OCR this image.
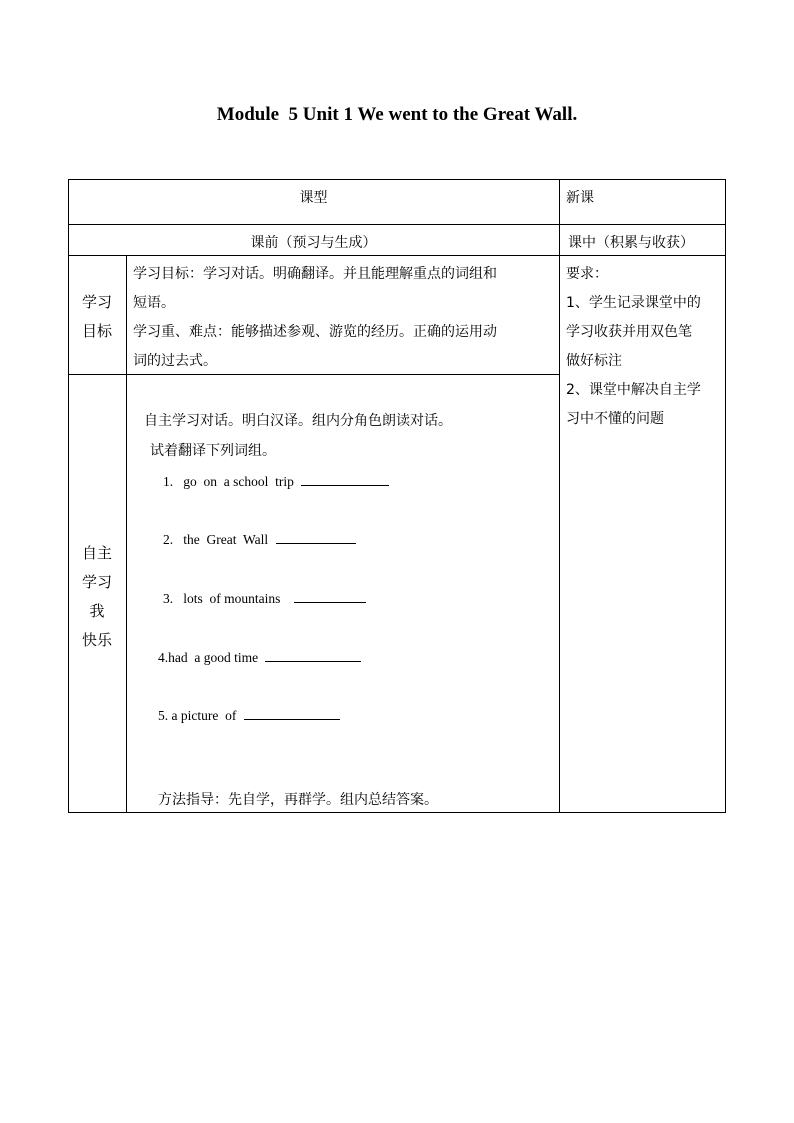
Module  5 Unit 1 We went to the Great Wall.
课型	新课
课前（预习与生成）	课中（积累与收获）
学习
目标
学习目标：学习对话。明确翻译。并且能理解重点的词组和
短语。
学习重、难点：能够描述参观、游览的经历。正确的运用动
词的过去式。
要求：
1、学生记录课堂中的
学习收获并用双色笔
做好标注
2、课堂中解决自主学
习中不懂的问题
自主
学习
我
快乐
自主学习对话。明白汉译。组内分角色朗读对话。
试着翻译下列词组。
1.   go  on  a school  trip
2.   the  Great  Wall
3.   lots  of mountains
4.had  a good time
5. a picture  of
方法指导：先自学，再群学。组内总结答案。
